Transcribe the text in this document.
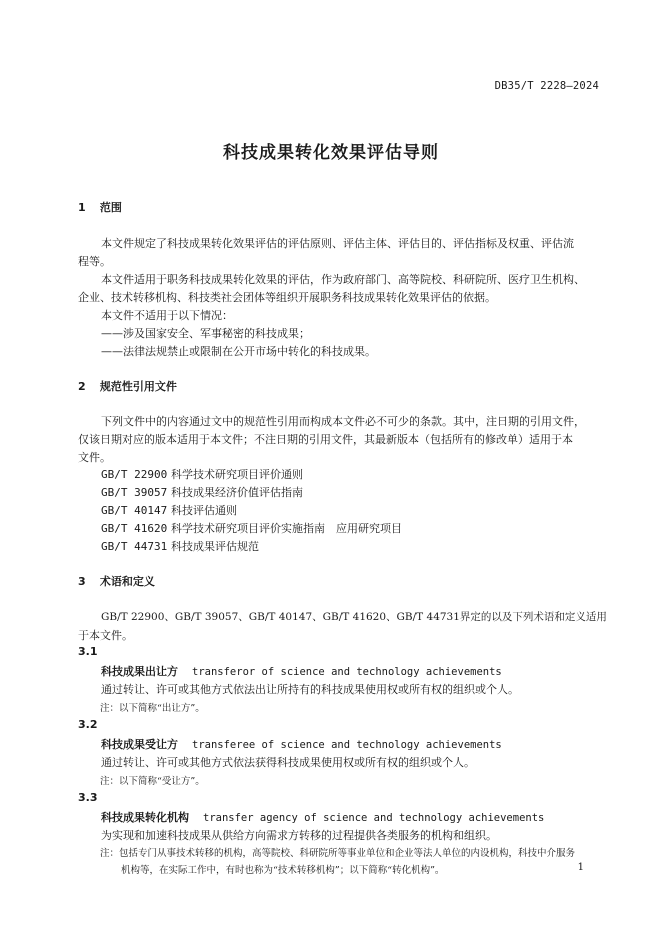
DB35/T 2228—2024
科技成果转化效果评估导则
1 范围
本文件规定了科技成果转化效果评估的评估原则、评估主体、评估目的、评估指标及权重、评估流
程等。
本文件适用于职务科技成果转化效果的评估，作为政府部门、高等院校、科研院所、医疗卫生机构、
企业、技术转移机构、科技类社会团体等组织开展职务科技成果转化效果评估的依据。
本文件不适用于以下情况：
——涉及国家安全、军事秘密的科技成果；
——法律法规禁止或限制在公开市场中转化的科技成果。
2 规范性引用文件
下列文件中的内容通过文中的规范性引用而构成本文件必不可少的条款。其中，注日期的引用文件，
仅该日期对应的版本适用于本文件；不注日期的引用文件，其最新版本（包括所有的修改单）适用于本
文件。
GB/T 22900 科学技术研究项目评价通则
GB/T 39057 科技成果经济价值评估指南
GB/T 40147 科技评估通则
GB/T 41620 科学技术研究项目评价实施指南　应用研究项目
GB/T 44731 科技成果评估规范
3 术语和定义
GB/T 22900、GB/T 39057、GB/T 40147、GB/T 41620、GB/T 44731界定的以及下列术语和定义适用
于本文件。
3.1
科技成果出让方 transferor of science and technology achievements
通过转让、许可或其他方式依法出让所持有的科技成果使用权或所有权的组织或个人。
注：以下简称“出让方”。
3.2
科技成果受让方 transferee of science and technology achievements
通过转让、许可或其他方式依法获得科技成果使用权或所有权的组织或个人。
注：以下简称“受让方”。
3.3
科技成果转化机构 transfer agency of science and technology achievements
为实现和加速科技成果从供给方向需求方转移的过程提供各类服务的机构和组织。
注：包括专门从事技术转移的机构，高等院校、科研院所等事业单位和企业等法人单位的内设机构，科技中介服务
机构等，在实际工作中，有时也称为“技术转移机构”；以下简称“转化机构”。	1
